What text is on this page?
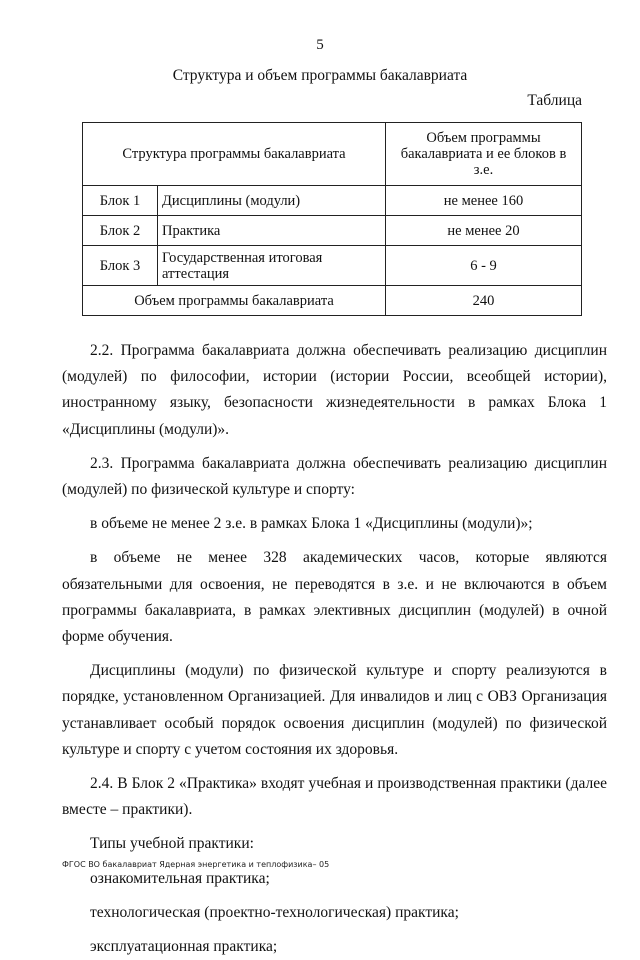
5
Структура и объем программы бакалавриата
Таблица
Структура программы бакалавриата		Объем программы бакалавриата и ее блоков в з.е.
Блок 1	Дисциплины (модули)	не менее 160
Блок 2	Практика	не менее 20
Блок 3	Государственная итоговая аттестация	6 - 9
Объем программы бакалавриата		240

2.2. Программа бакалавриата должна обеспечивать реализацию дисциплин (модулей) по философии, истории (истории России, всеобщей истории), иностранному языку, безопасности жизнедеятельности в рамках Блока 1 «Дисциплины (модули)».

2.3. Программа бакалавриата должна обеспечивать реализацию дисциплин (модулей) по физической культуре и спорту:

в объеме не менее 2 з.е. в рамках Блока 1 «Дисциплины (модули)»;

в объеме не менее 328 академических часов, которые являются обязательными для освоения, не переводятся в з.е. и не включаются в объем программы бакалавриата, в рамках элективных дисциплин (модулей) в очной форме обучения.

Дисциплины (модули) по физической культуре и спорту реализуются в порядке, установленном Организацией. Для инвалидов и лиц с ОВЗ Организация устанавливает особый порядок освоения дисциплин (модулей) по физической культуре и спорту с учетом состояния их здоровья.

2.4. В Блок 2 «Практика» входят учебная и производственная практики (далее вместе – практики).

Типы учебной практики:

ознакомительная практика;

технологическая (проектно-технологическая) практика;

эксплуатационная практика;

ФГОС ВО бакалавриат Ядерная энергетика и теплофизика– 05
